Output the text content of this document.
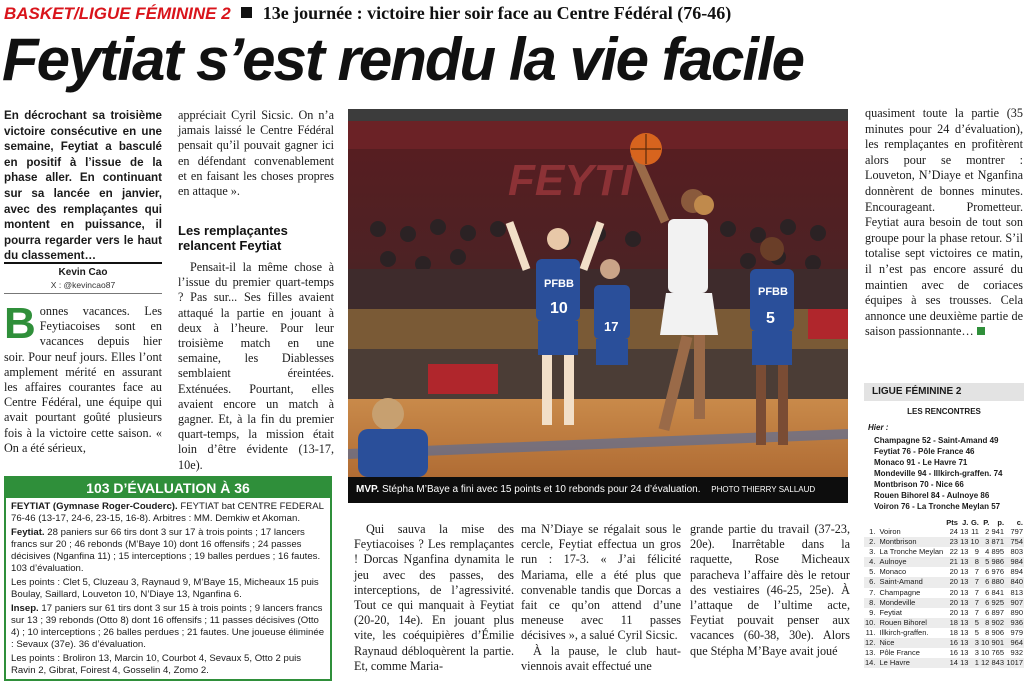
BASKET/LIGUE FÉMININE 2 13e journée : victoire hier soir face au Centre Fédéral (76-46)
Feytiat s’est rendu la vie facile

En décrochant sa troisième victoire consécutive en une semaine, Feytiat a basculé en positif à l’issue de la phase aller. En continuant sur sa lancée en janvier, avec des remplaçantes qui montent en puissance, il pourra regarder vers le haut du classement…

Kevin Cao
X : @kevincao87
B onnes vacances. Les Feytiacoises sont en vacances depuis hier soir. Pour neuf jours. Elles l’ont amplement mérité en assurant les affaires courantes face au Centre Fédéral, une équipe qui avait pourtant goûté plusieurs fois à la victoire cette saison. « On a été sérieux,

appréciait Cyril Sicsic. On n’a jamais laissé le Centre Fédéral pensait qu’il pouvait gagner ici en défendant convenablement et en faisant les choses propres en attaque ».

Les remplaçantes relancent Feytiat

Pensait-il la même chose à l’issue du premier quart-temps ? Pas sur... Ses filles avaient attaqué la partie en jouant à deux à l’heure. Pour leur troisième match en une semaine, les Diablesses semblaient éreintées. Exténuées. Pourtant, elles avaient encore un match à gagner. Et, à la fin du premier quart-temps, la mission était loin d’être évidente (13-17, 10e).

FEYTI
PFBB
10
17
PFBB
5
MVP. Stépha M’Baye a fini avec 15 points et 10 rebonds pour 24 d’évaluation. PHOTO THIERRY SALLAUD
quasiment toute la partie (35 minutes pour 24 d’évaluation), les remplaçantes en profitèrent alors pour se montrer : Louveton, N’Diaye et Nganfina donnèrent de bonnes minutes. Encourageant. Prometteur. Feytiat aura besoin de tout son groupe pour la phase retour. S’il totalise sept victoires ce matin, il n’est pas encore assuré du maintien avec de coriaces équipes à ses trousses. Cela annonce une deuxième partie de saison passionnante…
Qui sauva la mise des Feytiacoises ? Les remplaçantes ! Dorcas Nganfina dynamita le jeu avec des passes, des interceptions, de l’agressivité. Tout ce qui manquait à Feytiat (20-20, 14e). En jouant plus vite, les coéquipières d’Émilie Raynaud débloquèrent la partie. Et, comme Maria-
ma N’Diaye se régalait sous le cercle, Feytiat effectua un gros run : 17-3. « J’ai félicité Mariama, elle a été plus que convenable tandis que Dorcas a fait ce qu’on attend d’une meneuse avec 11 passes décisives », a salué Cyril Sicsic.
À la pause, le club haut-viennois avait effectué une
grande partie du travail (37-23, 20e). Inarrêtable dans la raquette, Rose Micheaux paracheva l’affaire dès le retour des vestiaires (46-25, 25e). À l’attaque de l’ultime acte, Feytiat pouvait penser aux vacances (60-38, 30e). Alors que Stépha M’Baye avait joué
103 D’ÉVALUATION À 36

FEYTIAT (Gymnase Roger-Couderc). FEYTIAT bat CENTRE FEDERAL 76-46 (13-17, 24-6, 23-15, 16-8). Arbitres : MM. Demkiw et Akoman.

Feytiat. 28 paniers sur 66 tirs dont 3 sur 17 à trois points ; 17 lancers francs sur 20 ; 46 rebonds (M’Baye 10) dont 16 offensifs ; 24 passes décisives (Nganfina 11) ; 15 interceptions ; 19 balles perdues ; 16 fautes. 103 d’évaluation.

Les points : Clet 5, Cluzeau 3, Raynaud 9, M’Baye 15, Micheaux 15 puis Boulay, Saillard, Louveton 10, N’Diaye 13, Nganfina 6.

Insep. 17 paniers sur 61 tirs dont 3 sur 15 à trois points ; 9 lancers francs sur 13 ; 39 rebonds (Otto 8) dont 16 offensifs ; 11 passes décisives (Otto 4) ; 10 interceptions ; 26 balles perdues ; 21 fautes. Une joueuse éliminée : Sevaux (37e). 36 d’évaluation.

Les points : Broliron 13, Marcin 10, Courbot 4, Sevaux 5, Otto 2 puis Ravin 2, Gibrat, Foirest 4, Gosselin 4, Zomo 2.

LIGUE FÉMININE 2
LES RENCONTRES
Hier :
Champagne 52 - Saint-Amand 49
Feytiat 76 - Pôle France 46
Monaco 91 - Le Havre 71
Mondeville 94 - Illkirch-graffen. 74
Montbrison 70 - Nice 66
Rouen Bihorel 84 - Aulnoye 86
Voiron 76 - La Tronche Meylan 57
		Pts	J.	G.	P.	p.	c.
1.	Voiron	24	13	11	2	941	797
2.	Montbrison	23	13	10	3	871	754
3.	La Tronche Meylan	22	13	9	4	895	803
4.	Aulnoye	21	13	8	5	986	984
5.	Monaco	20	13	7	6	976	894
6.	Saint-Amand	20	13	7	6	880	840
7.	Champagne	20	13	7	6	841	813
8.	Mondeville	20	13	7	6	925	907
9.	Feytiat	20	13	7	6	897	890
10.	Rouen Bihorel	18	13	5	8	902	936
11.	Illkirch-graffen.	18	13	5	8	906	979
12.	Nice	16	13	3	10	901	964
13.	Pôle France	16	13	3	10	765	932
14.	Le Havre	14	13	1	12	843	1017
